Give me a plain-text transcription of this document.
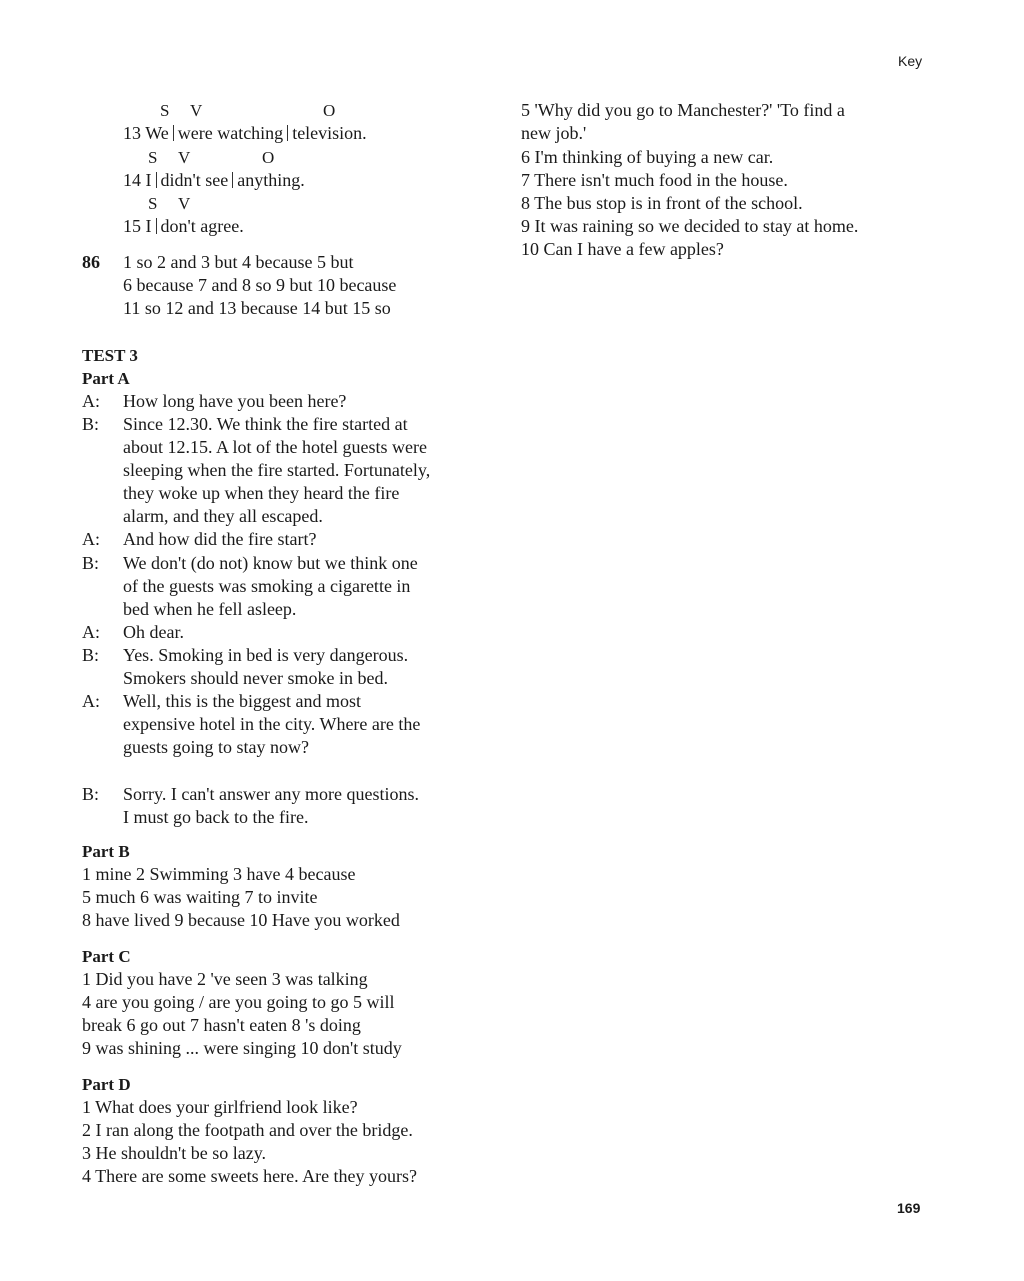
Key
S V	O
13 We were watching television.
S V	O
14 I didn't see anything.
S V
15 I don't agree.
86 1 so 2 and 3 but 4 because 5 but
6 because 7 and 8 so 9 but 10 because
11 so 12 and 13 because 14 but 15 so
TEST 3
Part A
A: How long have you been here?
B: Since 12.30. We think the fire started at
about 12.15. A lot of the hotel guests were
sleeping when the fire started. Fortunately,
they woke up when they heard the fire
alarm, and they all escaped.
A: And how did the fire start?
B: We don't (do not) know but we think one
of the guests was smoking a cigarette in
bed when he fell asleep.
A: Oh dear.
B: Yes. Smoking in bed is very dangerous.
Smokers should never smoke in bed.
A: Well, this is the biggest and most
expensive hotel in the city. Where are the
guests going to stay now?
B: Sorry. I can't answer any more questions.
I must go back to the fire.
Part B
1 mine 2 Swimming 3 have 4 because
5 much 6 was waiting 7 to invite
8 have lived 9 because 10 Have you worked
Part C
1 Did you have 2 've seen 3 was talking
4 are you going / are you going to go 5 will
break 6 go out 7 hasn't eaten 8 's doing
9 was shining ... were singing 10 don't study
Part D
1 What does your girlfriend look like?
2 I ran along the footpath and over the bridge.
3 He shouldn't be so lazy.
4 There are some sweets here. Are they yours?
5 'Why did you go to Manchester?' 'To find a
new job.'
6 I'm thinking of buying a new car.
7 There isn't much food in the house.
8 The bus stop is in front of the school.
9 It was raining so we decided to stay at home.
10 Can I have a few apples?
169
